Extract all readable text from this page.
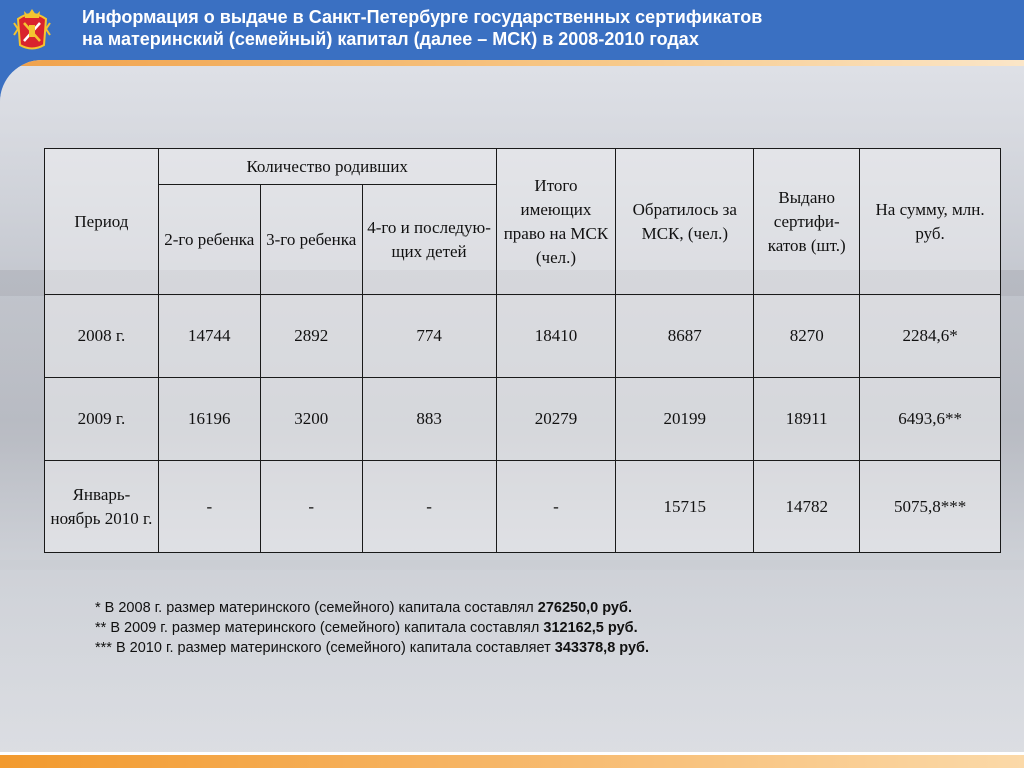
Информация о выдаче в Санкт-Петербурге государственных сертификатов
на материнский (семейный) капитал (далее – МСК) в 2008-2010 годах
Период	Количество родивших			Итого имеющих право на МСК (чел.)	Обратилось за МСК, (чел.)	Выдано сертифи-катов (шт.)	На сумму, млн. руб.
	2-го ребенка	3-го ребенка	4-го и последую-щих детей				
2008 г.	14744	2892	774	18410	8687	8270	2284,6*
2009 г.	16196	3200	883	20279	20199	18911	6493,6**
Январь-ноябрь 2010 г.	-	-	-	-	15715	14782	5075,8***
* В 2008 г. размер материнского (семейного) капитала составлял 276250,0 руб.
** В 2009 г. размер материнского (семейного) капитала составлял 312162,5 руб.
*** В 2010 г. размер материнского (семейного) капитала составляет 343378,8 руб.
